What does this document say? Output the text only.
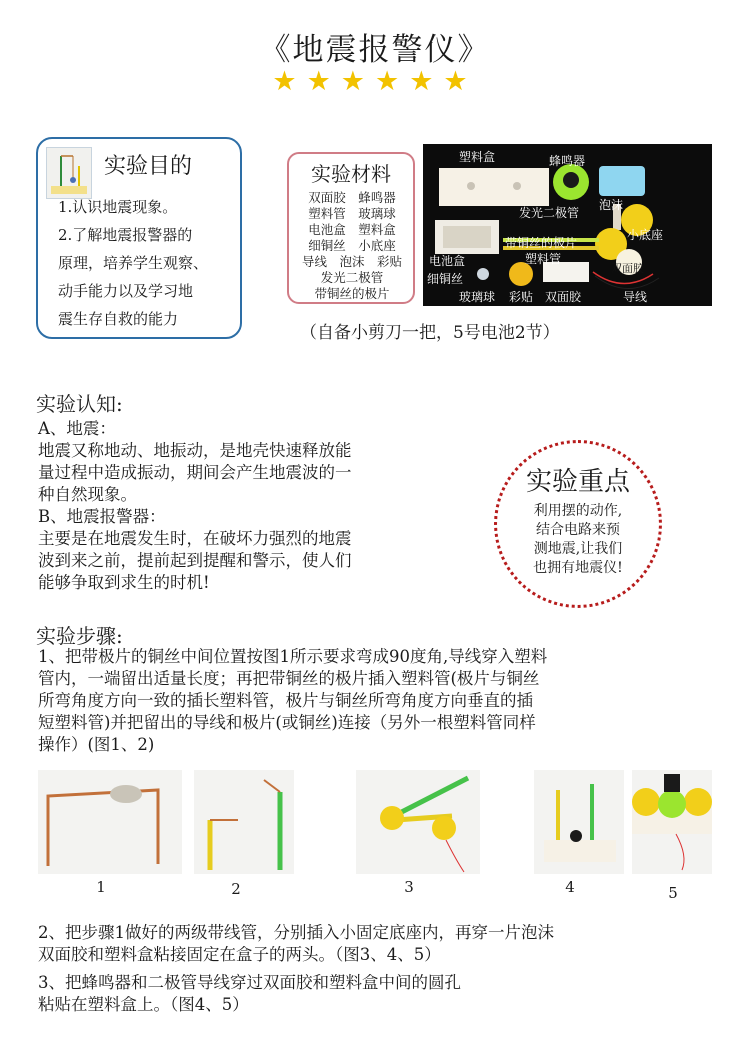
《地震报警仪》
★★★★★★
实验目的
1.认识地震现象。
2.了解地震报警器的
原理，培养学生观察、
动手能力以及学习地
震生存自救的能力
实验材料
双面胶　蜂鸣器
塑料管　玻璃球
电池盒　塑料盒
细铜丝　小底座
导线　泡沫　彩贴
发光二极管
带铜丝的极片
塑料盒	蜂鸣器
发光二极管
泡沫
带铜丝的极片
小底座
电池盒	塑料管
双面胶
细铜丝
玻璃球 彩贴 双面胶	导线
（自备小剪刀一把，5号电池2节）
实验认知:
A、地震：
地震又称地动、地振动，是地壳快速释放能
量过程中造成振动，期间会产生地震波的一
种自然现象。
B、地震报警器：
主要是在地震发生时，在破坏力强烈的地震
波到来之前，提前起到提醒和警示，使人们
能够争取到求生的时机!
实验重点
利用摆的动作,
结合电路来预
测地震,让我们
也拥有地震仪!
实验步骤:
1、把带极片的铜丝中间位置按图1所示要求弯成90度角,导线穿入塑料
管内，一端留出适量长度；再把带铜丝的极片插入塑料管(极片与铜丝
所弯角度方向一致的插长塑料管，极片与铜丝所弯角度方向垂直的插
短塑料管)并把留出的导线和极片(或铜丝)连接（另外一根塑料管同样
操作）(图1、2)
1	2	3	4	5
2、把步骤1做好的两级带线管，分别插入小固定底座内，再穿一片泡沫
双面胶和塑料盒粘接固定在盒子的两头。（图3、4、5）
3、把蜂鸣器和二极管导线穿过双面胶和塑料盒中间的圆孔
粘贴在塑料盒上。（图4、5）
